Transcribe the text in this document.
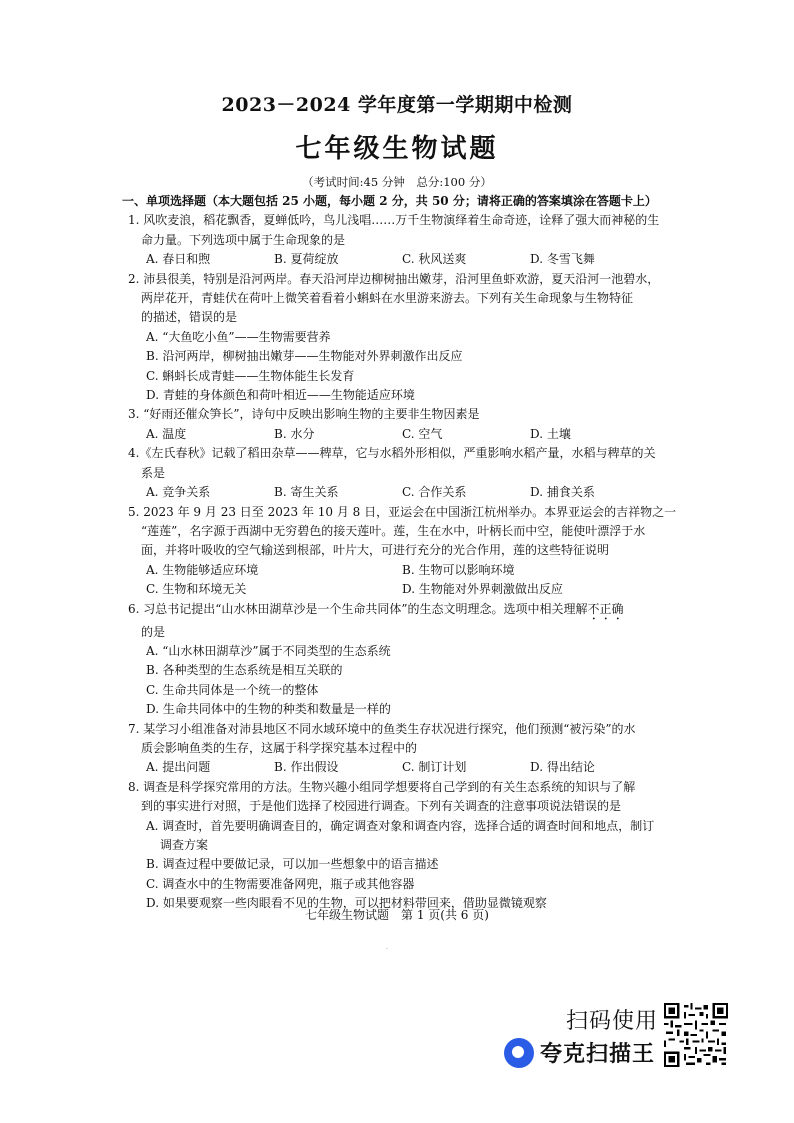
2023－2024 学年度第一学期期中检测
七年级生物试题
（考试时间:45 分钟　总分:100 分）

一、单项选择题（本大题包括 25 小题，每小题 2 分，共 50 分；请将正确的答案填涂在答题卡上）

1. 风吹麦浪，稻花飘香，夏蝉低吟，鸟儿浅唱……万千生物演绎着生命奇迹，诠释了强大而神秘的生
命力量。下列选项中属于生命现象的是

A. 春日和煦	B. 夏荷绽放	C. 秋风送爽	D. 冬雪飞舞

2. 沛县很美，特别是沿河两岸。春天沿河岸边柳树抽出嫩芽，沿河里鱼虾欢游，夏天沿河一池碧水，
两岸花开，青蛙伏在荷叶上微笑着看着小蝌蚪在水里游来游去。下列有关生命现象与生物特征
的描述，错误的是

A. “大鱼吃小鱼”——生物需要营养

B. 沿河两岸，柳树抽出嫩芽——生物能对外界刺激作出反应

C. 蝌蚪长成青蛙——生物体能生长发育

D. 青蛙的身体颜色和荷叶相近——生物能适应环境

3. “好雨还催众笋长”，诗句中反映出影响生物的主要非生物因素是

A. 温度	B. 水分	C. 空气	D. 土壤

4.《左氏春秋》记载了稻田杂草——稗草，它与水稻外形相似，严重影响水稻产量，水稻与稗草的关
系是

A. 竞争关系	B. 寄生关系	C. 合作关系	D. 捕食关系

5. 2023 年 9 月 23 日至 2023 年 10 月 8 日，亚运会在中国浙江杭州举办。本界亚运会的吉祥物之一
“莲莲”，名字源于西湖中无穷碧色的接天莲叶。莲，生在水中，叶柄长而中空，能使叶漂浮于水
面，并将叶吸收的空气输送到根部，叶片大，可进行充分的光合作用，莲的这些特征说明

A. 生物能够适应环境	B. 生物可以影响环境
C. 生物和环境无关	D. 生物能对外界刺激做出反应

6. 习总书记提出“山水林田湖草沙是一个生命共同体”的生态文明理念。选项中相关理解不正确
的是

A. “山水林田湖草沙”属于不同类型的生态系统

B. 各种类型的生态系统是相互关联的

C. 生命共同体是一个统一的整体

D. 生命共同体中的生物的种类和数量是一样的

7. 某学习小组准备对沛县地区不同水域环境中的鱼类生存状况进行探究，他们预测“被污染”的水
质会影响鱼类的生存，这属于科学探究基本过程中的

A. 提出问题	B. 作出假设	C. 制订计划	D. 得出结论

8. 调查是科学探究常用的方法。生物兴趣小组同学想要将自己学到的有关生态系统的知识与了解
到的事实进行对照，于是他们选择了校园进行调查。下列有关调查的注意事项说法错误的是

A. 调查时，首先要明确调查目的，确定调查对象和调查内容，选择合适的调查时间和地点，制订

调查方案

B. 调查过程中要做记录，可以加一些想象中的语言描述

C. 调查水中的生物需要准备网兜，瓶子或其他容器

D. 如果要观察一些肉眼看不见的生物，可以把材料带回来，借助显微镜观察

七年级生物试题　第 1 页(共 6 页)
·
扫码使用
夸克扫描王
